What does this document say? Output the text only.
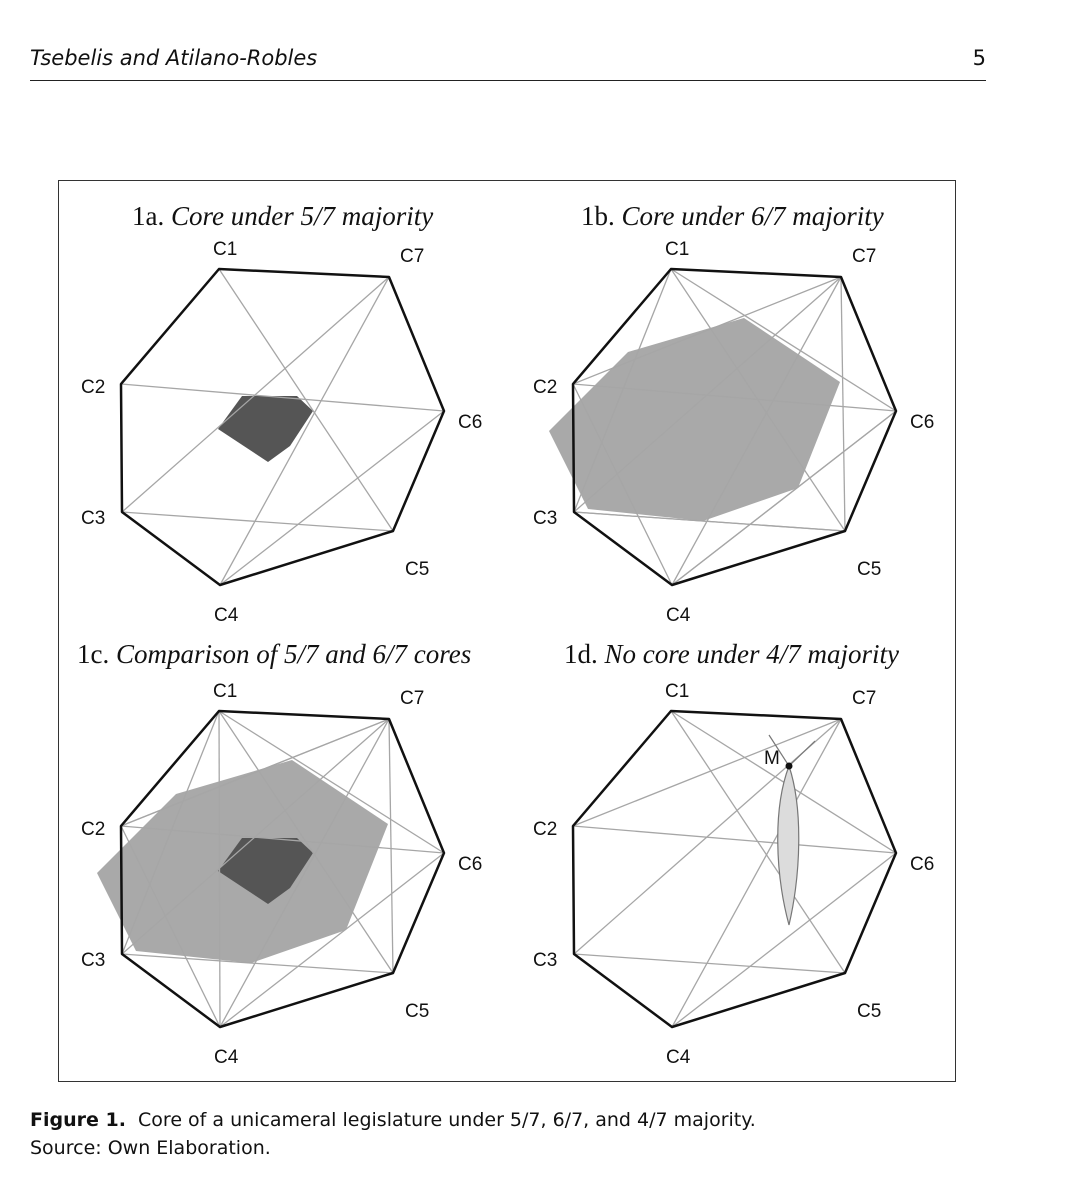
Tsebelis and Atilano-Robles	5
1a. Core under 5/7 majority
C1	C7
C6
C5
C4
C3
C2
1b. Core under 6/7 majority
C1	C7
C6
C5
C4
C3
C2
1c. Comparison of 5/7 and 6/7 cores
C1	C7
C6
C5
C4
C3
C2
1d. No core under 4/7 majority
M
C1	C7
C6
C5
C4
C3
C2
Figure 1. Core of a unicameral legislature under 5/7, 6/7, and 4/7 majority.
Source: Own Elaboration.
